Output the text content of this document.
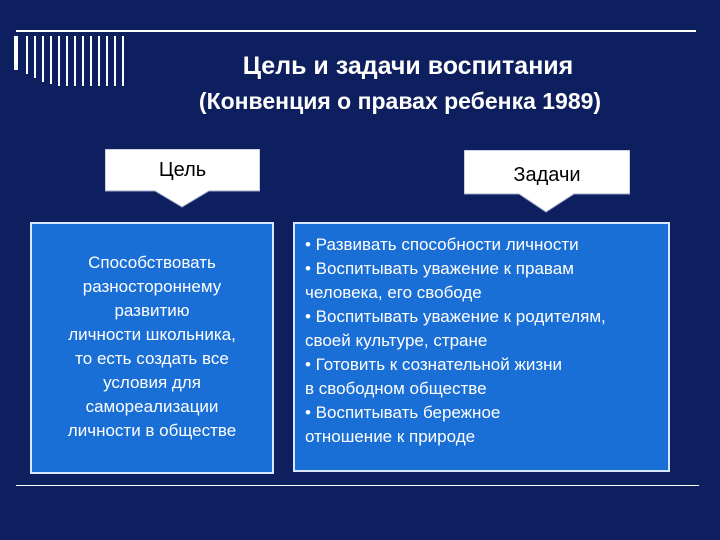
Цель и задачи воспитания
(Конвенция о правах ребенка 1989)
Цель	Задачи
Способствовать
разностороннему
развитию
личности школьника,
то есть создать все
условия для
самореализации
личности в обществе
• Развивать способности личности
• Воспитывать уважение к правам
человека, его свободе
• Воспитывать уважение к родителям,
своей культуре, стране
• Готовить к сознательной жизни
в свободном обществе
• Воспитывать бережное
отношение к природе
